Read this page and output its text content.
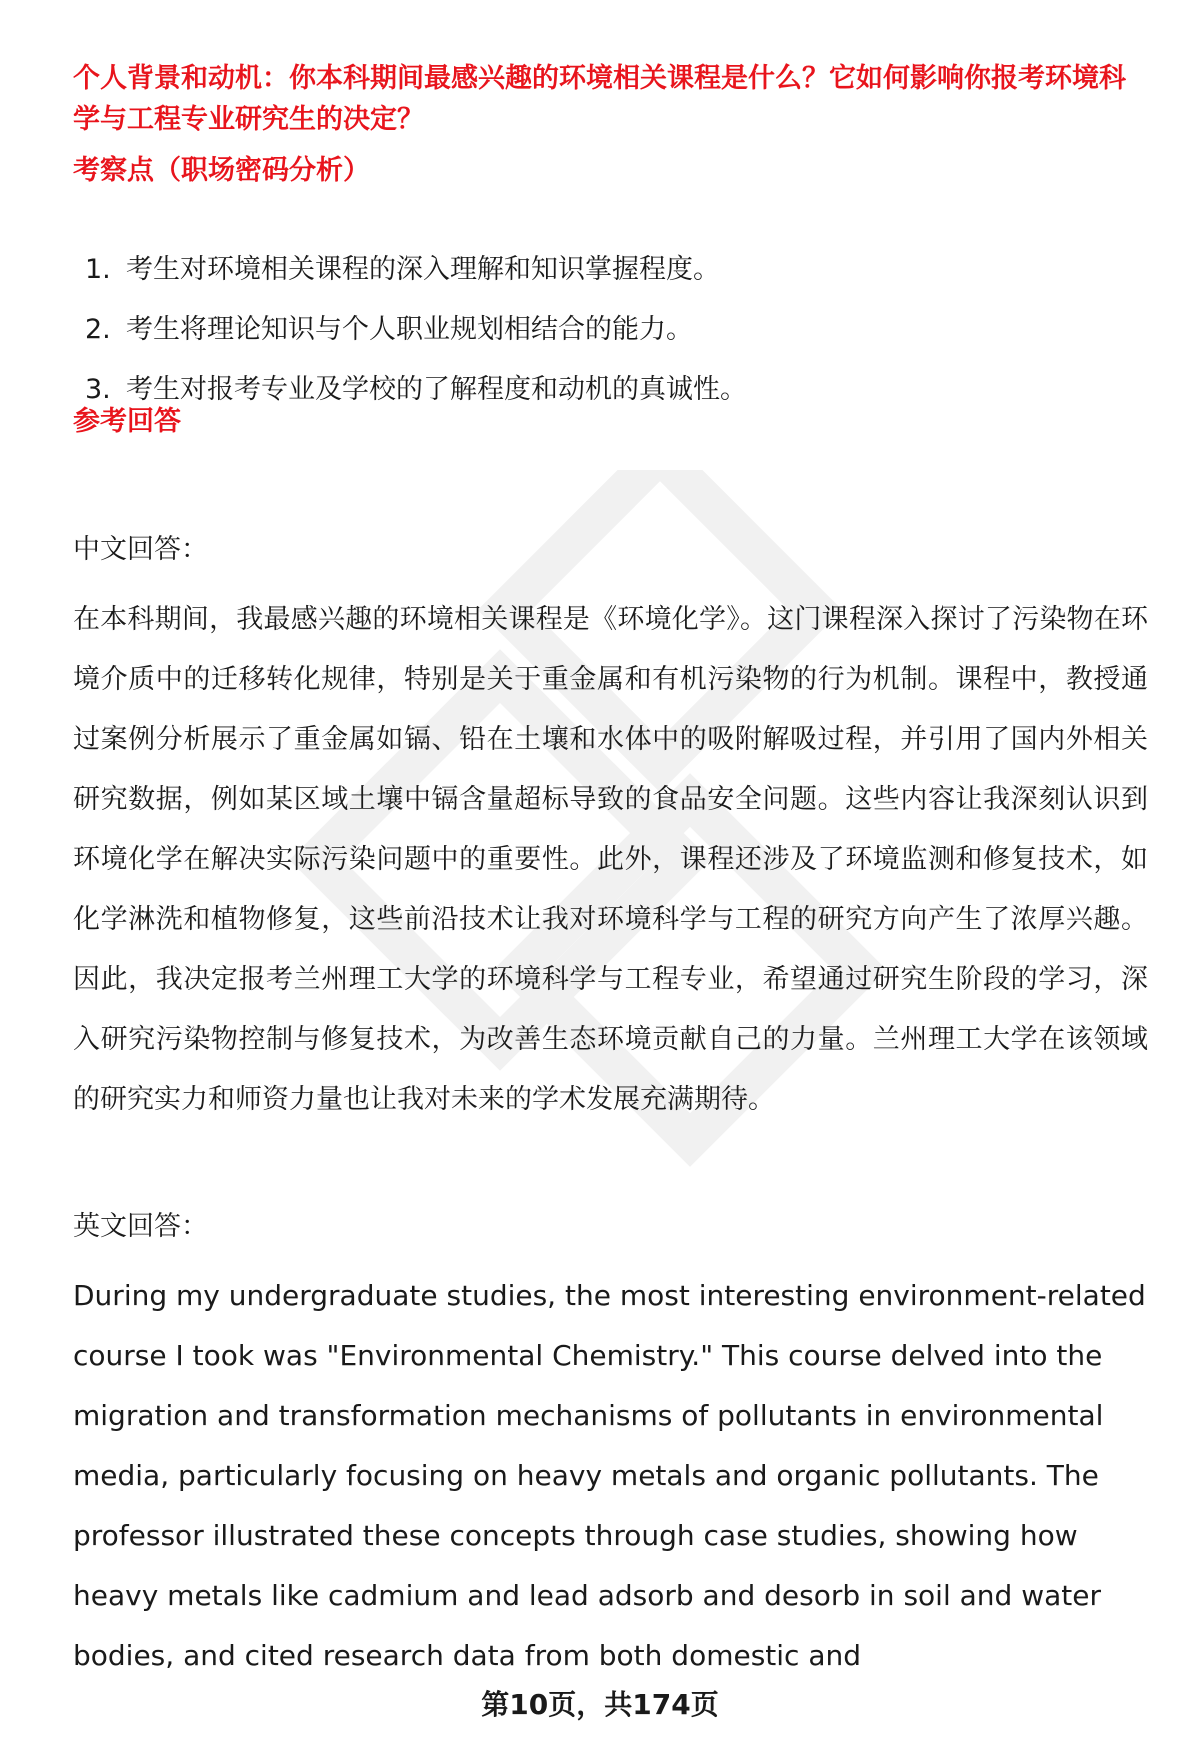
个人背景和动机：你本科期间最感兴趣的环境相关课程是什么？它如何影响你报考环境科学与工程专业研究生的决定？
考察点（职场密码分析）
1. 考生对环境相关课程的深入理解和知识掌握程度。
2. 考生将理论知识与个人职业规划相结合的能力。
3. 考生对报考专业及学校的了解程度和动机的真诚性。
参考回答
中文回答：
在本科期间，我最感兴趣的环境相关课程是《环境化学》。这门课程深入探讨了污染物在环境介质中的迁移转化规律，特别是关于重金属和有机污染物的行为机制。课程中，教授通过案例分析展示了重金属如镉、铅在土壤和水体中的吸附解吸过程，并引用了国内外相关研究数据，例如某区域土壤中镉含量超标导致的食品安全问题。这些内容让我深刻认识到环境化学在解决实际污染问题中的重要性。此外，课程还涉及了环境监测和修复技术，如化学淋洗和植物修复，这些前沿技术让我对环境科学与工程的研究方向产生了浓厚兴趣。因此，我决定报考兰州理工大学的环境科学与工程专业，希望通过研究生阶段的学习，深入研究污染物控制与修复技术，为改善生态环境贡献自己的力量。兰州理工大学在该领域的研究实力和师资力量也让我对未来的学术发展充满期待。
英文回答：
During my undergraduate studies, the most interesting environment-related course I took was "Environmental Chemistry." This course delved into the migration and transformation mechanisms of pollutants in environmental media, particularly focusing on heavy metals and organic pollutants. The professor illustrated these concepts through case studies, showing how heavy metals like cadmium and lead adsorb and desorb in soil and water bodies, and cited research data from both domestic and
第10页，共174页
